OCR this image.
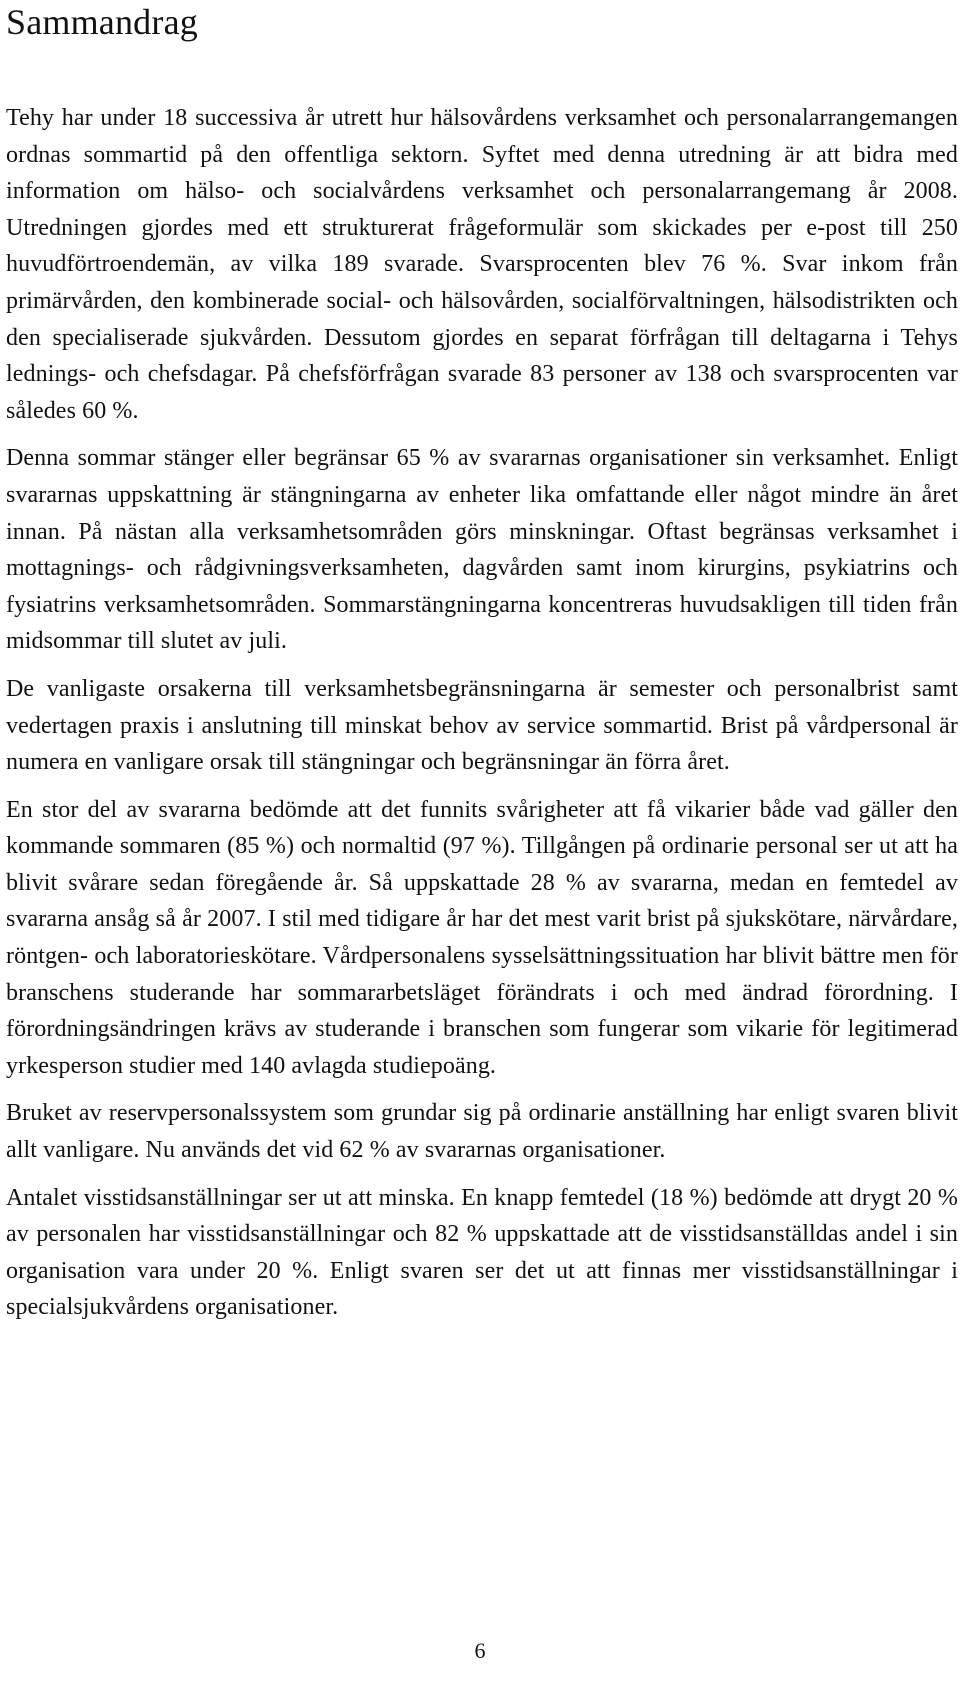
Sammandrag

Tehy har under 18 successiva år utrett hur hälsovårdens verksamhet och personalarrangemangen ordnas sommartid på den offentliga sektorn. Syftet med denna utredning är att bidra med information om hälso- och socialvårdens verksamhet och personalarrangemang år 2008. Utredningen gjordes med ett strukturerat frågeformulär som skickades per e-post till 250 huvudförtroendemän, av vilka 189 svarade. Svarsprocenten blev 76 %. Svar inkom från primärvården, den kombinerade social- och hälsovården, socialförvaltningen, hälsodistrikten och den specialiserade sjukvården. Dessutom gjordes en separat förfrågan till deltagarna i Tehys lednings- och chefsdagar. På chefsförfrågan svarade 83 personer av 138 och svarsprocenten var således 60 %.

Denna sommar stänger eller begränsar 65 % av svararnas organisationer sin verksamhet. Enligt svararnas uppskattning är stängningarna av enheter lika omfattande eller något mindre än året innan. På nästan alla verksamhetsområden görs minskningar. Oftast begränsas verksamhet i mottagnings- och rådgivningsverksamheten, dagvården samt inom kirurgins, psykiatrins och fysiatrins verksamhetsområden. Sommarstängningarna koncentreras huvudsakligen till tiden från midsommar till slutet av juli.

De vanligaste orsakerna till verksamhetsbegränsningarna är semester och personalbrist samt vedertagen praxis i anslutning till minskat behov av service sommartid. Brist på vårdpersonal är numera en vanligare orsak till stängningar och begränsningar än förra året.

En stor del av svararna bedömde att det funnits svårigheter att få vikarier både vad gäller den kommande sommaren (85 %) och normaltid (97 %). Tillgången på ordinarie personal ser ut att ha blivit svårare sedan föregående år. Så uppskattade 28 % av svararna, medan en femtedel av svararna ansåg så år 2007. I stil med tidigare år har det mest varit brist på sjukskötare, närvårdare, röntgen- och laboratorieskötare. Vårdpersonalens sysselsättningssituation har blivit bättre men för branschens studerande har sommararbetsläget förändrats i och med ändrad förordning. I förordningsändringen krävs av studerande i branschen som fungerar som vikarie för legitimerad yrkesperson studier med 140 avlagda studiepoäng.

Bruket av reservpersonalssystem som grundar sig på ordinarie anställning har enligt svaren blivit allt vanligare. Nu används det vid 62 % av svararnas organisationer.

Antalet visstidsanställningar ser ut att minska. En knapp femtedel (18 %) bedömde att drygt 20 % av personalen har visstidsanställningar och 82 % uppskattade att de visstidsanställdas andel i sin organisation vara under 20 %. Enligt svaren ser det ut att finnas mer visstidsanställningar i specialsjukvårdens organisationer.

6
